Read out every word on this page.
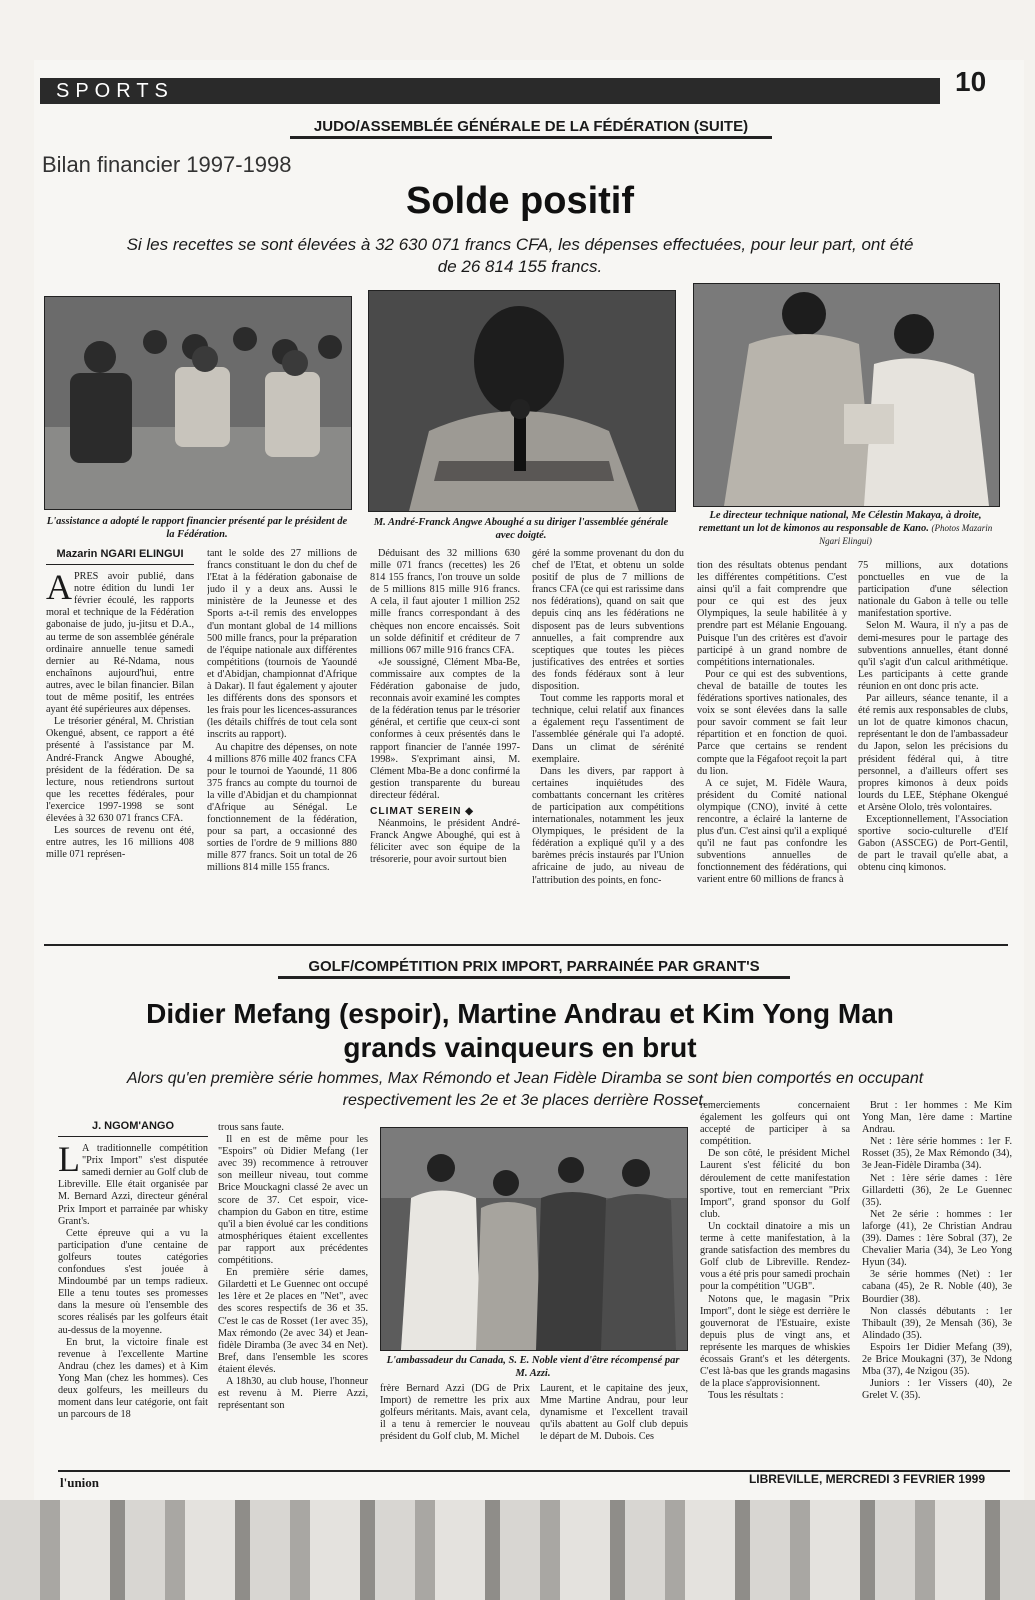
SPORTS	10
JUDO/ASSEMBLÉE GÉNÉRALE DE LA FÉDÉRATION (SUITE)
Bilan financier 1997-1998
Solde positif
Si les recettes se sont élevées à 32 630 071 francs CFA, les dépenses effectuées, pour leur part, ont été de 26 814 155 francs.
L'assistance a adopté le rapport financier présenté par le président de la Fédération.
M. André-Franck Angwe Aboughé a su diriger l'assemblée générale avec doigté.
Le directeur technique national, Me Célestin Makaya, à droite, remettant un lot de kimonos au responsable de Kano. (Photos Mazarin Ngari Elingui)

Mazarin NGARI ELINGUI

APRES avoir publié, dans notre édition du lundi 1er février écoulé, les rapports moral et technique de la Fédération gabonaise de judo, ju-jitsu et D.A., au terme de son assemblée générale ordinaire annuelle tenue samedi dernier au Ré-Ndama, nous enchaînons aujourd'hui, entre autres, avec le bilan financier. Bilan tout de même positif, les entrées ayant été supérieures aux dépenses.

Le trésorier général, M. Christian Okengué, absent, ce rapport a été présenté à l'assistance par M. André-Franck Angwe Aboughé, président de la fédération. De sa lecture, nous retiendrons surtout que les recettes fédérales, pour l'exercice 1997-1998 se sont élevées à 32 630 071 francs CFA.

Les sources de revenu ont été, entre autres, les 16 millions 408 mille 071 représen-

tant le solde des 27 millions de francs constituant le don du chef de l'Etat à la fédération gabonaise de judo il y a deux ans. Aussi le ministère de la Jeunesse et des Sports a-t-il remis des enveloppes d'un montant global de 14 millions 500 mille francs, pour la préparation de l'équipe nationale aux différentes compétitions (tournois de Yaoundé et d'Abidjan, championnat d'Afrique à Dakar). Il faut également y ajouter les différents dons des sponsors et les frais pour les licences-assurances (les détails chiffrés de tout cela sont inscrits au rapport).

Au chapitre des dépenses, on note 4 millions 876 mille 402 francs CFA pour le tournoi de Yaoundé, 11 806 375 francs au compte du tournoi de la ville d'Abidjan et du championnat d'Afrique au Sénégal. Le fonctionnement de la fédération, pour sa part, a occasionné des sorties de l'ordre de 9 millions 880 mille 877 francs. Soit un total de 26 millions 814 mille 155 francs.

Déduisant des 32 millions 630 mille 071 francs (recettes) les 26 814 155 francs, l'on trouve un solde de 5 millions 815 mille 916 francs. A cela, il faut ajouter 1 million 252 mille francs correspondant à des chèques non encore encaissés. Soit un solde définitif et créditeur de 7 millions 067 mille 916 francs CFA.

«Je soussigné, Clément Mba-Be, commissaire aux comptes de la Fédération gabonaise de judo, reconnais avoir examiné les comptes de la fédération tenus par le trésorier général, et certifie que ceux-ci sont conformes à ceux présentés dans le rapport financier de l'année 1997-1998». S'exprimant ainsi, M. Clément Mba-Be a donc confirmé la gestion transparente du bureau directeur fédéral.

CLIMAT SEREIN ◆

Néanmoins, le président André-Franck Angwe Aboughé, qui est à féliciter avec son équipe de la trésorerie, pour avoir surtout bien

géré la somme provenant du don du chef de l'Etat, et obtenu un solde positif de plus de 7 millions de francs CFA (ce qui est rarissime dans nos fédérations), quand on sait que depuis cinq ans les fédérations ne disposent pas de leurs subventions annuelles, a fait comprendre aux sceptiques que toutes les pièces justificatives des entrées et sorties des fonds fédéraux sont à leur disposition.

Tout comme les rapports moral et technique, celui relatif aux finances a également reçu l'assentiment de l'assemblée générale qui l'a adopté. Dans un climat de sérénité exemplaire.

Dans les divers, par rapport à certaines inquiétudes des combattants concernant les critères de participation aux compétitions internationales, notamment les jeux Olympiques, le président de la fédération a expliqué qu'il y a des barèmes précis instaurés par l'Union africaine de judo, au niveau de l'attribution des points, en fonc-

tion des résultats obtenus pendant les différentes compétitions. C'est ainsi qu'il a fait comprendre que pour ce qui est des jeux Olympiques, la seule habilitée à y prendre part est Mélanie Engouang. Puisque l'un des critères est d'avoir participé à un grand nombre de compétitions internationales.

Pour ce qui est des subventions, cheval de bataille de toutes les fédérations sportives nationales, des voix se sont élevées dans la salle pour savoir comment se fait leur répartition et en fonction de quoi. Parce que certains se rendent compte que la Fégafoot reçoit la part du lion.

A ce sujet, M. Fidèle Waura, président du Comité national olympique (CNO), invité à cette rencontre, a éclairé la lanterne de plus d'un. C'est ainsi qu'il a expliqué qu'il ne faut pas confondre les subventions annuelles de fonctionnement des fédérations, qui varient entre 60 millions de francs à

75 millions, aux dotations ponctuelles en vue de la participation d'une sélection nationale du Gabon à telle ou telle manifestation sportive.

Selon M. Waura, il n'y a pas de demi-mesures pour le partage des subventions annuelles, étant donné qu'il s'agit d'un calcul arithmétique. Les participants à cette grande réunion en ont donc pris acte.

Par ailleurs, séance tenante, il a été remis aux responsables de clubs, un lot de quatre kimonos chacun, représentant le don de l'ambassadeur du Japon, selon les précisions du président fédéral qui, à titre personnel, a d'ailleurs offert ses propres kimonos à deux poids lourds du LEE, Stéphane Okengué et Arsène Ololo, très volontaires.

Exceptionnellement, l'Association sportive socio-culturelle d'Elf Gabon (ASSCEG) de Port-Gentil, de part le travail qu'elle abat, a obtenu cinq kimonos.

GOLF/COMPÉTITION PRIX IMPORT, PARRAINÉE PAR GRANT'S
Didier Mefang (espoir), Martine Andrau et Kim Yong Man
grands vainqueurs en brut
Alors qu'en première série hommes, Max Rémondo et Jean Fidèle Diramba se sont bien comportés en occupant respectivement les 2e et 3e places derrière Rosset.

J. NGOM'ANGO

L A traditionnelle compétition "Prix Import" s'est disputée samedi dernier au Golf club de Libreville. Elle était organisée par M. Bernard Azzi, directeur général Prix Import et parrainée par whisky Grant's.

Cette épreuve qui a vu la participation d'une centaine de golfeurs toutes catégories confondues s'est jouée à Mindoumbé par un temps radieux. Elle a tenu toutes ses promesses dans la mesure où l'ensemble des scores réalisés par les golfeurs était au-dessus de la moyenne.

En brut, la victoire finale est revenue à l'excellente Martine Andrau (chez les dames) et à Kim Yong Man (chez les hommes). Ces deux golfeurs, les meilleurs du moment dans leur catégorie, ont fait un parcours de 18

trous sans faute.

Il en est de même pour les "Espoirs" où Didier Mefang (1er avec 39) recommence à retrouver son meilleur niveau, tout comme Brice Mouckagni classé 2e avec un score de 37. Cet espoir, vice-champion du Gabon en titre, estime qu'il a bien évolué car les conditions atmosphériques étaient excellentes par rapport aux précédentes compétitions.

En première série dames, Gilardetti et Le Guennec ont occupé les 1ère et 2e places en "Net", avec des scores respectifs de 36 et 35. C'est le cas de Rosset (1er avec 35), Max rémondo (2e avec 34) et Jean-fidèle Diramba (3e avec 34 en Net). Bref, dans l'ensemble les scores étaient élevés.

A 18h30, au club house, l'honneur est revenu à M. Pierre Azzi, représentant son

L'ambassadeur du Canada, S. E. Noble vient d'être récompensé par M. Azzi.

frère Bernard Azzi (DG de Prix Import) de remettre les prix aux golfeurs méritants. Mais, avant cela, il a tenu à remercier le nouveau président du Golf club, M. Michel

Laurent, et le capitaine des jeux, Mme Martine Andrau, pour leur dynamisme et l'excellent travail qu'ils abattent au Golf club depuis le départ de M. Dubois. Ces

remerciements concernaient également les golfeurs qui ont accepté de participer à sa compétition.

De son côté, le président Michel Laurent s'est félicité du bon déroulement de cette manifestation sportive, tout en remerciant "Prix Import", grand sponsor du Golf club.

Un cocktail dinatoire a mis un terme à cette manifestation, à la grande satisfaction des membres du Golf club de Libreville. Rendez-vous a été pris pour samedi prochain pour la compétition "UGB".

Notons que, le magasin "Prix Import", dont le siège est derrière le gouvernorat de l'Estuaire, existe depuis plus de vingt ans, et représente les marques de whiskies écossais Grant's et les détergents. C'est là-bas que les grands magasins de la place s'approvisionnent.

Tous les résultats :

Brut : 1er hommes : Me Kim Yong Man, 1ère dame : Martine Andrau.

Net : 1ère série hommes : 1er F. Rosset (35), 2e Max Rémondo (34), 3e Jean-Fidèle Diramba (34).

Net : 1ère série dames : 1ère Gillardetti (36), 2e Le Guennec (35).

Net 2e série : hommes : 1er laforge (41), 2e Christian Andrau (39). Dames : 1ère Sobral (37), 2e Chevalier Maria (34), 3e Leo Yong Hyun (34).

3e série hommes (Net) : 1er cabana (45), 2e R. Noble (40), 3e Bourdier (38).

Non classés débutants : 1er Thibault (39), 2e Mensah (36), 3e Alindado (35).

Espoirs 1er Didier Mefang (39), 2e Brice Moukagni (37), 3e Ndong Mba (37), 4e Nzigou (35).

Juniors : 1er Vissers (40), 2e Grelet V. (35).

l'union	LIBREVILLE, MERCREDI 3 FEVRIER 1999
